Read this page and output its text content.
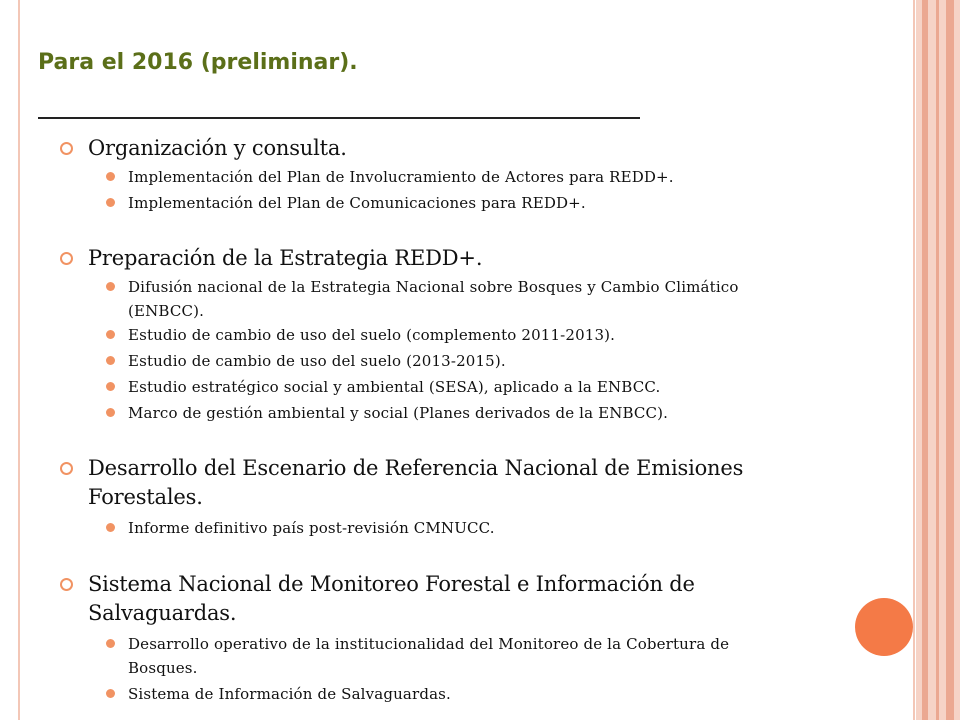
Para el 2016 (preliminar).
Organización y consulta.
Implementación del Plan de Involucramiento de Actores para REDD+.
Implementación del Plan de Comunicaciones para REDD+.
Preparación de la Estrategia REDD+.
Difusión nacional de la Estrategia Nacional sobre Bosques y Cambio Climático
(ENBCC).
Estudio de cambio de uso del suelo (complemento 2011-2013).
Estudio de cambio de uso del suelo (2013-2015).
Estudio estratégico social y ambiental (SESA), aplicado a la ENBCC.
Marco de gestión ambiental y social (Planes derivados de la ENBCC).
Desarrollo del Escenario de Referencia Nacional de Emisiones
Forestales.
Informe definitivo país post-revisión CMNUCC.
Sistema Nacional de Monitoreo Forestal e Información de
Salvaguardas.
Desarrollo operativo de la institucionalidad del Monitoreo de la Cobertura de
Bosques.
Sistema de Información de Salvaguardas.
